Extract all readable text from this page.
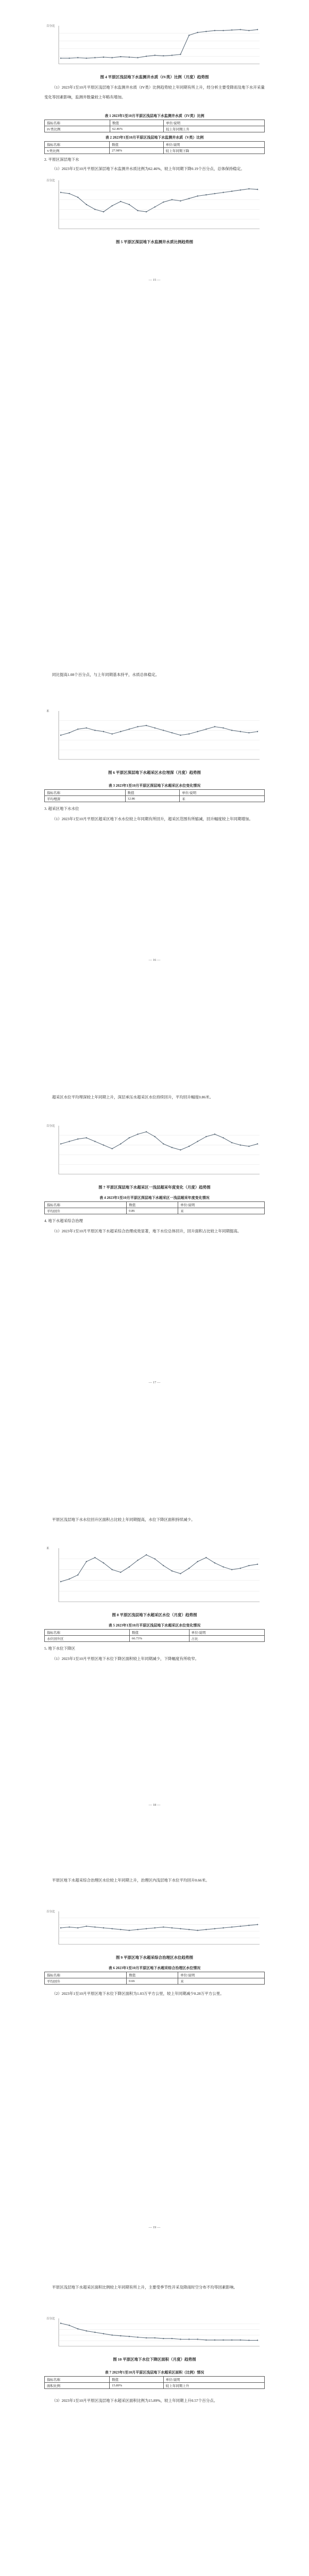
百分比
图 4 平原区浅层地下水监测井水质（IV类）比例（月度）趋势图
百分比
图 5 平原区深层地下水监测井水质比例趋势图
米
图 6 平原区深层地下水超采区水位埋深（月度）趋势图
百分比
图 7 平原区深层地下水超采区一浅层超采年度变化（月度）趋势图
米
图 8 平原区浅层地下水超采区水位（月度）趋势图
百分比
图 9 平原区地下水超采综合治理区水位趋势图
百分比
图 10 平原区地下水位下降区面积（月度）趋势图

（1）2023年1至10月平原区浅层地下水监测井水质（IV类）比例趋势较上年同期有所上升，经分析主要受降雨及地下水开采量变化等因素影响，监测井数量较上年略有增加。

表 1 2023年1至10月平原区浅层地下水监测井水质（IV类）比例
指标名称	数值	单位/说明
IV类比例	62.46%	较上年同期上升
表 2 2023年1至10月平原区浅层地下水监测井水质（V类）比例
指标名称	数值	单位/说明
V类比例	27.98%	较上年同期下降
2. 平原区深层地下水

（1）2023年1至10月平原区深层地下水监测井水质比例为62.46%，较上年同期下降0.19个百分点，总体保持稳定。

— 15 —

同比提高1.08个百分点，与上年同期基本持平，水质总体稳定。

表 3 2023年1至10月平原区深层地下水超采区水位变化情况
指标名称	数值	单位/说明
平均埋深	12.86	米
3. 超采区地下水水位

（1）2023年1至10月平原区超采区地下水水位较上年同期有所回升，超采区范围有所缩减，回升幅度较上年同期增加。

— 16 —

超采区水位平均埋深较上年同期上升，深层承压水超采区水位持续回升，平均回升幅度0.86米。

表 4 2023年1至10月平原区深层地下水超采区一浅层超采年度变化情况
指标名称	数值	单位/说明
平均回升	0.86	米
4. 地下水超采综合治理

（1）2023年1至10月平原区地下水超采综合治理成效显著，地下水位总体回升，回升面积占比较上年同期提高。

— 17 —

平原区浅层地下水水位回升区面积占比较上年同期提高，水位下降区面积持续减少。

表 5 2023年1至10月平原区浅层地下水超采区水位变化情况
指标名称	数值	单位/说明
水位回升区	66.73%	占比
5. 地下水位下降区

（1）2023年1至10月平原区地下水位下降区面积较上年同期减少，下降幅度有所收窄。

— 18 —

平原区地下水超采综合治理区水位较上年同期上升，治理区内浅层地下水位平均回升0.66米。

表 6 2023年1至10月平原区地下水超采综合治理区水位情况
指标名称	数值	单位/说明
平均回升	0.66	米

（2）2023年1至10月平原区地下水位下降区面积为1.03万平方公里，较上年同期减少0.28万平方公里。

— 19 —

平原区浅层地下水超采区面积比例较上年同期有所上升，主要受季节性开采及降雨时空分布不均等因素影响。

表 7 2023年1至10月平原区浅层地下水超采区面积（比例）情况
指标名称	数值	单位/说明
面积比例	15.89%	较上年同期上升

（3）2023年1至10月平原区浅层地下水超采区面积比例为15.89%，较上年同期上升0.57个百分点。
